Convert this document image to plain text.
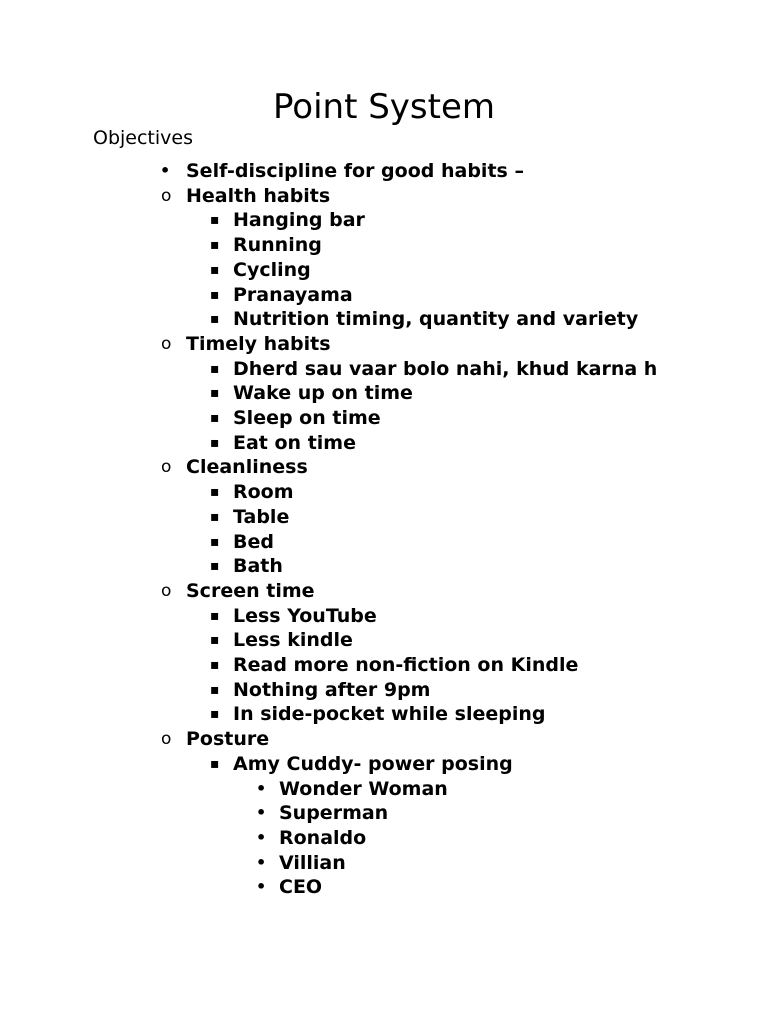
Point System

Objectives

• Self-discipline for good habits –
o Health habits
▪ Hanging bar
▪ Running
▪ Cycling
▪ Pranayama
▪ Nutrition timing, quantity and variety
o Timely habits
▪ Dherd sau vaar bolo nahi, khud karna h
▪ Wake up on time
▪ Sleep on time
▪ Eat on time
o Cleanliness
▪ Room
▪ Table
▪ Bed
▪ Bath
o Screen time
▪ Less YouTube
▪ Less kindle
▪ Read more non-fiction on Kindle
▪ Nothing after 9pm
▪ In side-pocket while sleeping
o Posture
▪ Amy Cuddy- power posing
• Wonder Woman
• Superman
• Ronaldo
• Villian
• CEO
